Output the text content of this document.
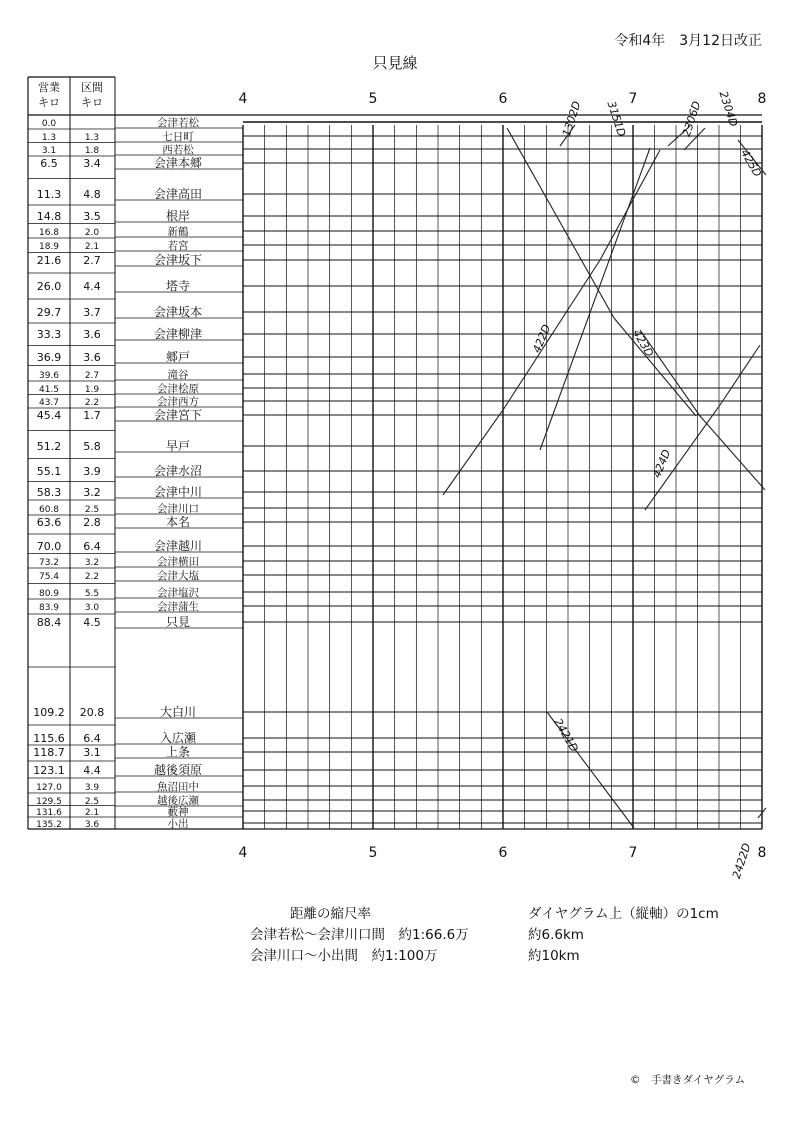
令和4年　3月12日改正
只見線
営業
キロ
区間
キロ	4
4
5
5
6
6
7
7
8
8
0.0	会津若松
1.3	1.3	七日町
3.1	1.8	西若松
6.5 3.4	会津本郷
11.3 4.8	会津高田
14.8 3.5	根岸
16.8	2.0	新鶴
18.9	2.1	若宮
21.6 2.7	会津坂下
26.0 4.4	塔寺
29.7 3.7	会津坂本
33.3 3.6	会津柳津
36.9 3.6	郷戸
39.6	2.7	滝谷
41.5	1.9	会津桧原
43.7	2.2	会津西方
45.4 1.7	会津宮下
51.2 5.8	早戸
55.1 3.9	会津水沼
58.3 3.2	会津中川
60.8	2.5	会津川口
63.6 2.8	本名
70.0 6.4	会津越川
73.2	3.2	会津横田
75.4	2.2	会津大塩
80.9	5.5	会津塩沢
83.9	3.0	会津蒲生
88.4 4.5	只見
109.2 20.8	大白川
115.6 6.4	入広瀬
118.7 3.1	上条
123.1 4.4	越後須原
127.0	3.9	魚沼田中
129.5	2.5	越後広瀬
131.6	2.1	藪神
135.2	3.6	小出
1302D 3151D	2306D 2304D
425D
422D	423D
424D
2421D
2422D
距離の縮尺率
会津若松～会津川口間　約1:66.6万
会津川口～小出間　約1:100万
ダイヤグラム上（縦軸）の1cm
約6.6km
約10km
©　手書きダイヤグラム
